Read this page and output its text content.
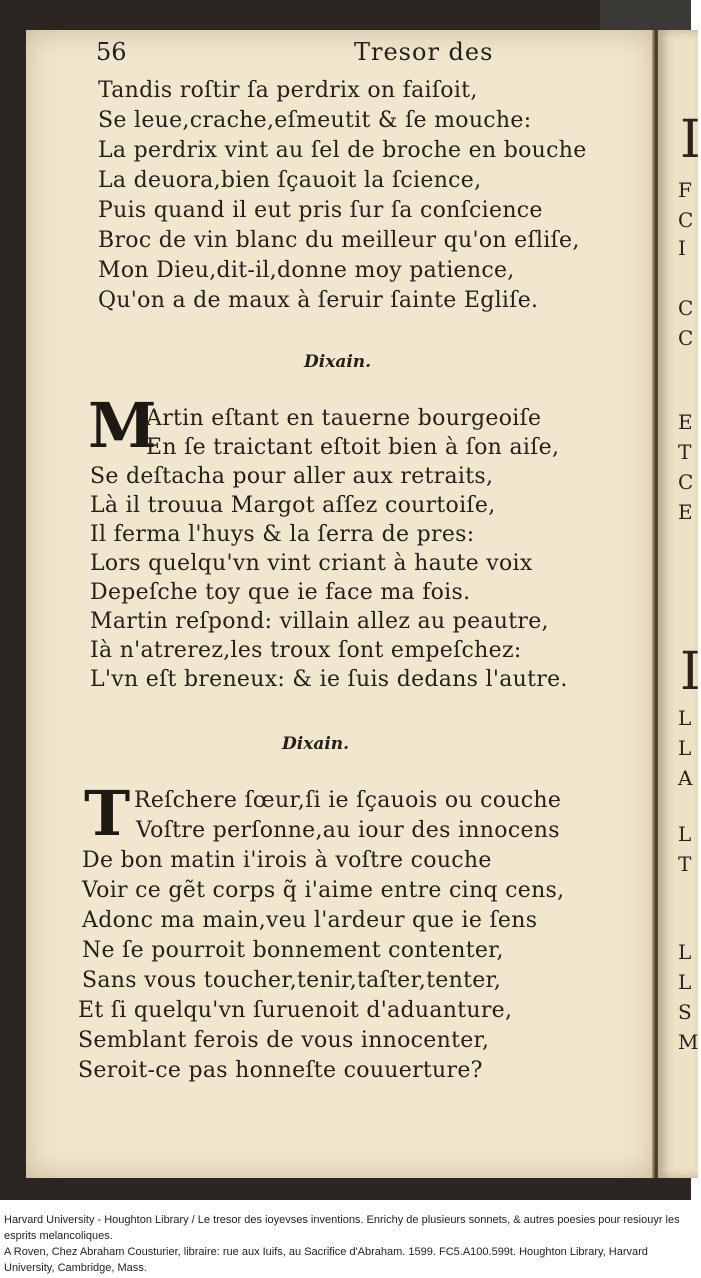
56	Tresor des
Tandis roſtir ſa perdrix on faiſoit,
Se leue,crache,eſmeutit & ſe mouche:
La perdrix vint au ſel de broche en bouche
La deuora,bien ſçauoit la ſcience,
Puis quand il eut pris ſur ſa conſcience
Broc de vin blanc du meilleur qu'on eſliſe,
Mon Dieu,dit-il,donne moy patience,
Qu'on a de maux à ſeruir ſainte Egliſe.
Dixain.
M
Artin eſtant en tauerne bourgeoiſe
En ſe traictant eſtoit bien à ſon aiſe,
Se deſtacha pour aller aux retraits,
Là il trouua Margot aſſez courtoiſe,
Il ferma l'huys & la ſerra de pres:
Lors quelqu'vn vint criant à haute voix
Depeſche toy que ie face ma fois.
Martin reſpond: villain allez au peautre,
Ià n'atrerez,les troux ſont empeſchez:
L'vn eſt breneux: & ie ſuis dedans l'autre.
Dixain.
T Reſchere ſœur,ſi ie ſçauois ou couche
Voſtre perſonne,au iour des innocens
De bon matin i'irois à voſtre couche
Voir ce gẽt corps q̃ i'aime entre cinq cens,
Adonc ma main,veu l'ardeur que ie ſens
Ne ſe pourroit bonnement contenter,
Sans vous toucher,tenir,taſter,tenter,
Et ſi quelqu'vn ſuruenoit d'aduanture,
Semblant ferois de vous innocenter,
Seroit-ce pas honneſte couuerture?
I
F
C
I
C
C
E
T
C
E
I
L
L
A
L
T
L
L
S
M

Harvard University - Houghton Library / Le tresor des ioyevses inventions. Enrichy de plusieurs sonnets, & autres poesies pour resiouyr les esprits melancoliques.

A Roven, Chez Abraham Cousturier, libraire: rue aux Iuifs, au Sacrifice d'Abraham. 1599. FC5.A100.599t. Houghton Library, Harvard University, Cambridge, Mass.
